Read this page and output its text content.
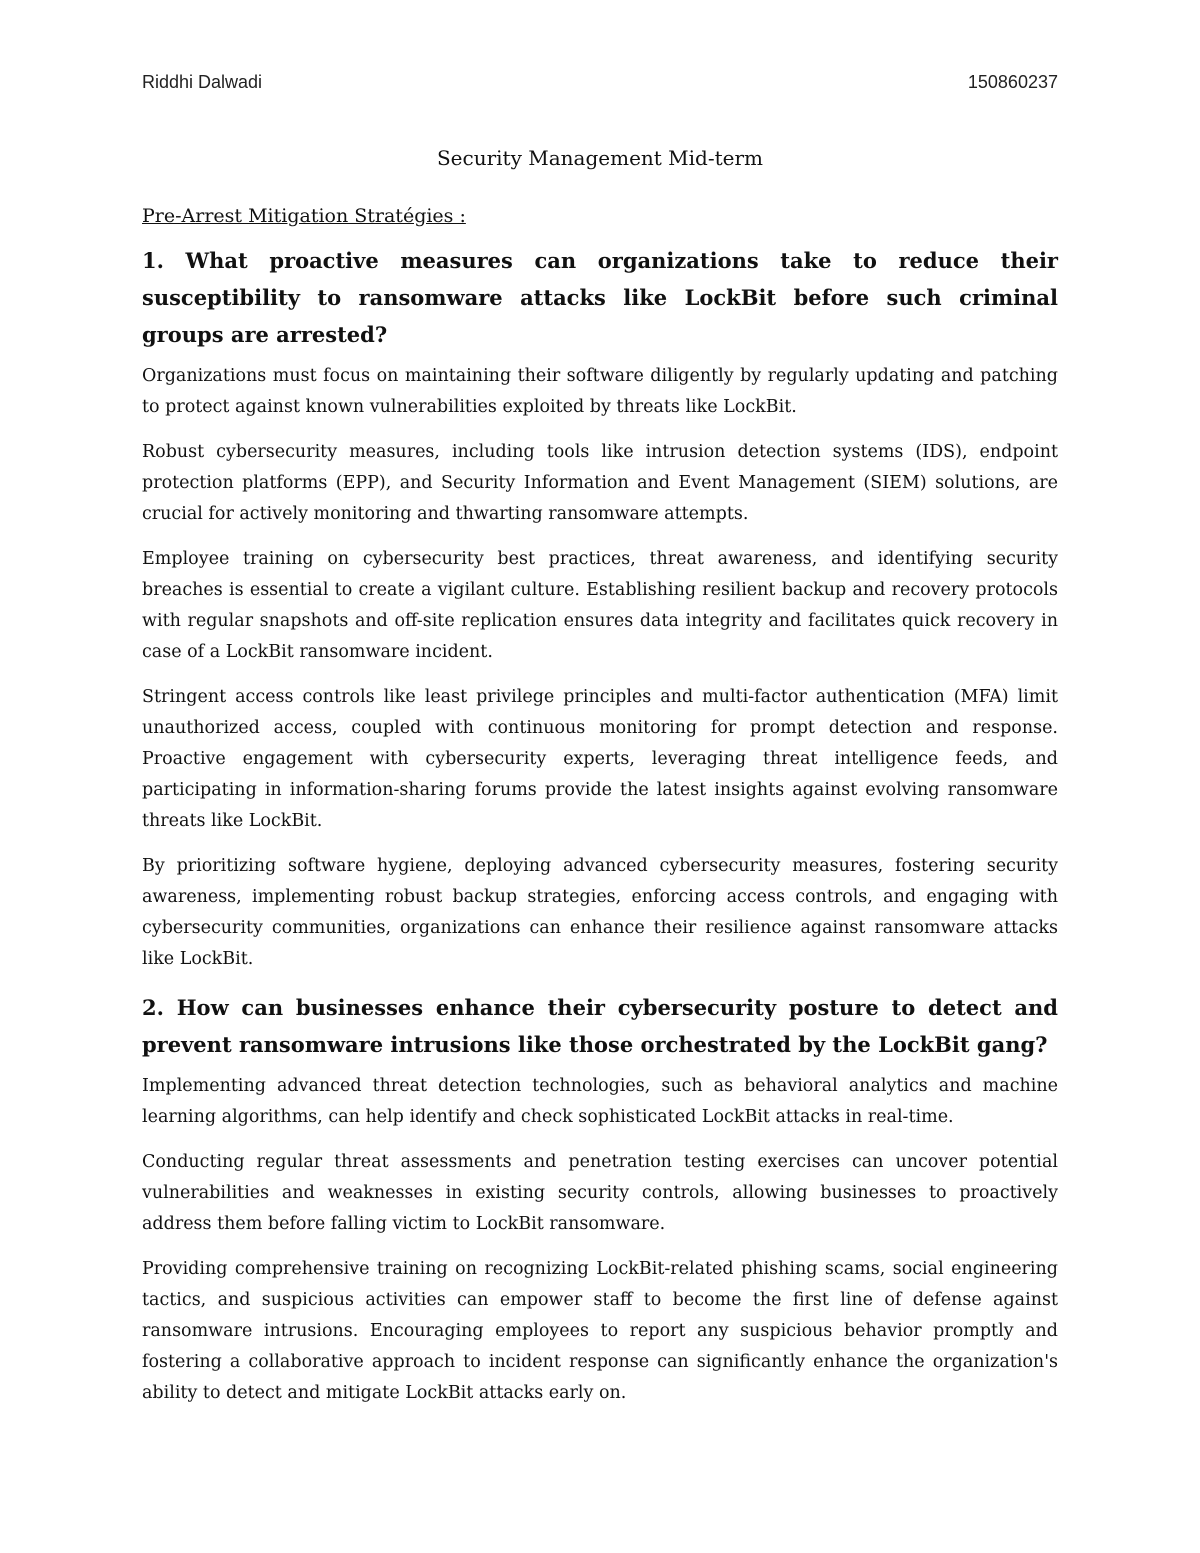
Riddhi Dalwadi	150860237
Security Management Mid-term
Pre-Arrest Mitigation Stratégies :
1. What proactive measures can organizations take to reduce their susceptibility to ransomware attacks like LockBit before such criminal groups are arrested?

Organizations must focus on maintaining their software diligently by regularly updating and patching to protect against known vulnerabilities exploited by threats like LockBit.

Robust cybersecurity measures, including tools like intrusion detection systems (IDS), endpoint protection platforms (EPP), and Security Information and Event Management (SIEM) solutions, are crucial for actively monitoring and thwarting ransomware attempts.

Employee training on cybersecurity best practices, threat awareness, and identifying security breaches is essential to create a vigilant culture. Establishing resilient backup and recovery protocols with regular snapshots and off-site replication ensures data integrity and facilitates quick recovery in case of a LockBit ransomware incident.

Stringent access controls like least privilege principles and multi-factor authentication (MFA) limit unauthorized access, coupled with continuous monitoring for prompt detection and response. Proactive engagement with cybersecurity experts, leveraging threat intelligence feeds, and participating in information-sharing forums provide the latest insights against evolving ransomware threats like LockBit.

By prioritizing software hygiene, deploying advanced cybersecurity measures, fostering security awareness, implementing robust backup strategies, enforcing access controls, and engaging with cybersecurity communities, organizations can enhance their resilience against ransomware attacks like LockBit.

2. How can businesses enhance their cybersecurity posture to detect and prevent ransomware intrusions like those orchestrated by the LockBit gang?

Implementing advanced threat detection technologies, such as behavioral analytics and machine learning algorithms, can help identify and check sophisticated LockBit attacks in real-time.

Conducting regular threat assessments and penetration testing exercises can uncover potential vulnerabilities and weaknesses in existing security controls, allowing businesses to proactively address them before falling victim to LockBit ransomware.

Providing comprehensive training on recognizing LockBit-related phishing scams, social engineering tactics, and suspicious activities can empower staff to become the first line of defense against ransomware intrusions. Encouraging employees to report any suspicious behavior promptly and fostering a collaborative approach to incident response can significantly enhance the organization's ability to detect and mitigate LockBit attacks early on.
